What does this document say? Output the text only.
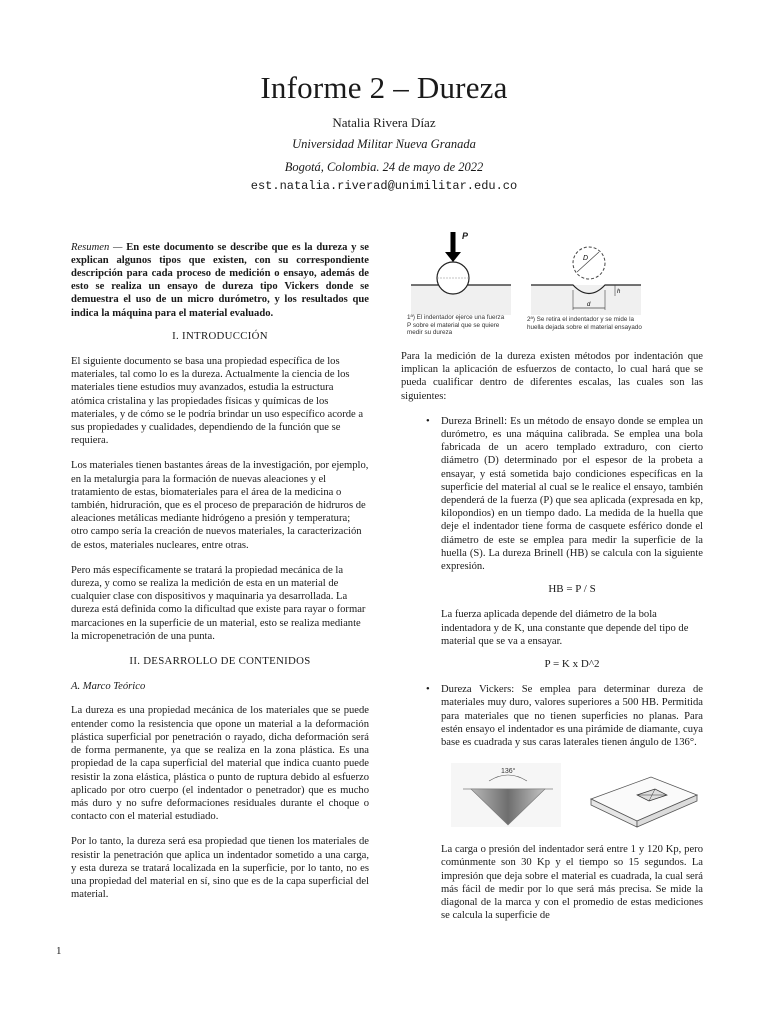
Informe 2 – Dureza
Natalia Rivera Díaz
Universidad Militar Nueva Granada
Bogotá, Colombia. 24 de mayo de 2022
est.natalia.riverad@unimilitar.edu.co

Resumen — En este documento se describe que es la dureza y se explican algunos tipos que existen, con su correspondiente descripción para cada proceso de medición o ensayo, además de esto se realiza un ensayo de dureza tipo Vickers donde se demuestra el uso de un micro durómetro, y los resultados que indica la máquina para el material evaluado.

I. INTRODUCCIÓN

El siguiente documento se basa una propiedad específica de los materiales, tal como lo es la dureza. Actualmente la ciencia de los materiales tiene estudios muy avanzados, estudia la estructura atómica cristalina y las propiedades físicas y químicas de los materiales, y de cómo se le podría brindar un uso específico acorde a sus propiedades y cualidades, dependiendo de la función que se requiera.

Los materiales tienen bastantes áreas de la investigación, por ejemplo, en la metalurgia para la formación de nuevas aleaciones y el tratamiento de estas, biomateriales para el área de la medicina o también, hidruración, que es el proceso de preparación de hidruros de aleaciones metálicas mediante hidrógeno a presión y temperatura; otro campo sería la creación de nuevos materiales, la caracterización de estos, materiales nucleares, entre otras.

Pero más específicamente se tratará la propiedad mecánica de la dureza, y como se realiza la medición de esta en un material de cualquier clase con dispositivos y maquinaria ya desarrollada. La dureza está definida como la dificultad que existe para rayar o formar marcaciones en la superficie de un material, esto se realiza mediante la micropenetración de una punta.

II. DESARROLLO DE CONTENIDOS
A. Marco Teórico

La dureza es una propiedad mecánica de los materiales que se puede entender como la resistencia que opone un material a la deformación plástica superficial por penetración o rayado, dicha deformación será de forma permanente, ya que se realiza en la zona plástica. Es una propiedad de la capa superficial del material que indica cuanto puede resistir la zona elástica, plástica o punto de ruptura debido al esfuerzo aplicado por otro cuerpo (el indentador o penetrador) que es mucho más duro y no sufre deformaciones residuales durante el choque o contacto con el material estudiado.

Por lo tanto, la dureza será esa propiedad que tienen los materiales de resistir la penetración que aplica un indentador sometido a una carga, y esta dureza se tratará localizada en la superficie, por lo tanto, no es una propiedad del material en sí, sino que es de la capa superficial del material.

D
h
d
P
1ª) El indentador ejerce una fuerza P sobre el material que se quiere medir su dureza
2ª) Se retira el indentador y se mide la huella dejada sobre el material ensayado

Para la medición de la dureza existen métodos por indentación que implican la aplicación de esfuerzos de contacto, lo cual hará que se pueda cualificar dentro de diferentes escalas, las cuales son las siguientes:

• Dureza Brinell: Es un método de ensayo donde se emplea un durómetro, es una máquina calibrada. Se emplea una bola fabricada de un acero templado extraduro, con cierto diámetro (D) determinado por el espesor de la probeta a ensayar, y está sometida bajo condiciones específicas en la superficie del material al cual se le realice el ensayo, también dependerá de la fuerza (P) que sea aplicada (expresada en kp, kilopondios) en un tiempo dado. La medida de la huella que deje el indentador tiene forma de casquete esférico donde el diámetro de este se emplea para medir la superficie de la huella (S). La dureza Brinell (HB) se calcula con la siguiente expresión.
HB = P / S

La fuerza aplicada depende del diámetro de la bola indentadora y de K, una constante que depende del tipo de material que se va a ensayar.

P = K x D^2
• Dureza Vickers: Se emplea para determinar dureza de materiales muy duro, valores superiores a 500 HB. Permitida para materiales que no tienen superficies no planas. Para estén ensayo el indentador es una pirámide de diamante, cuya base es cuadrada y sus caras laterales tienen ángulo de 136°.
136°

La carga o presión del indentador será entre 1 y 120 Kp, pero comúnmente son 30 Kp y el tiempo so 15 segundos. La impresión que deja sobre el material es cuadrada, la cual será más fácil de medir por lo que será más precisa. Se mide la diagonal de la marca y con el promedio de estas mediciones se calcula la superficie de

1
